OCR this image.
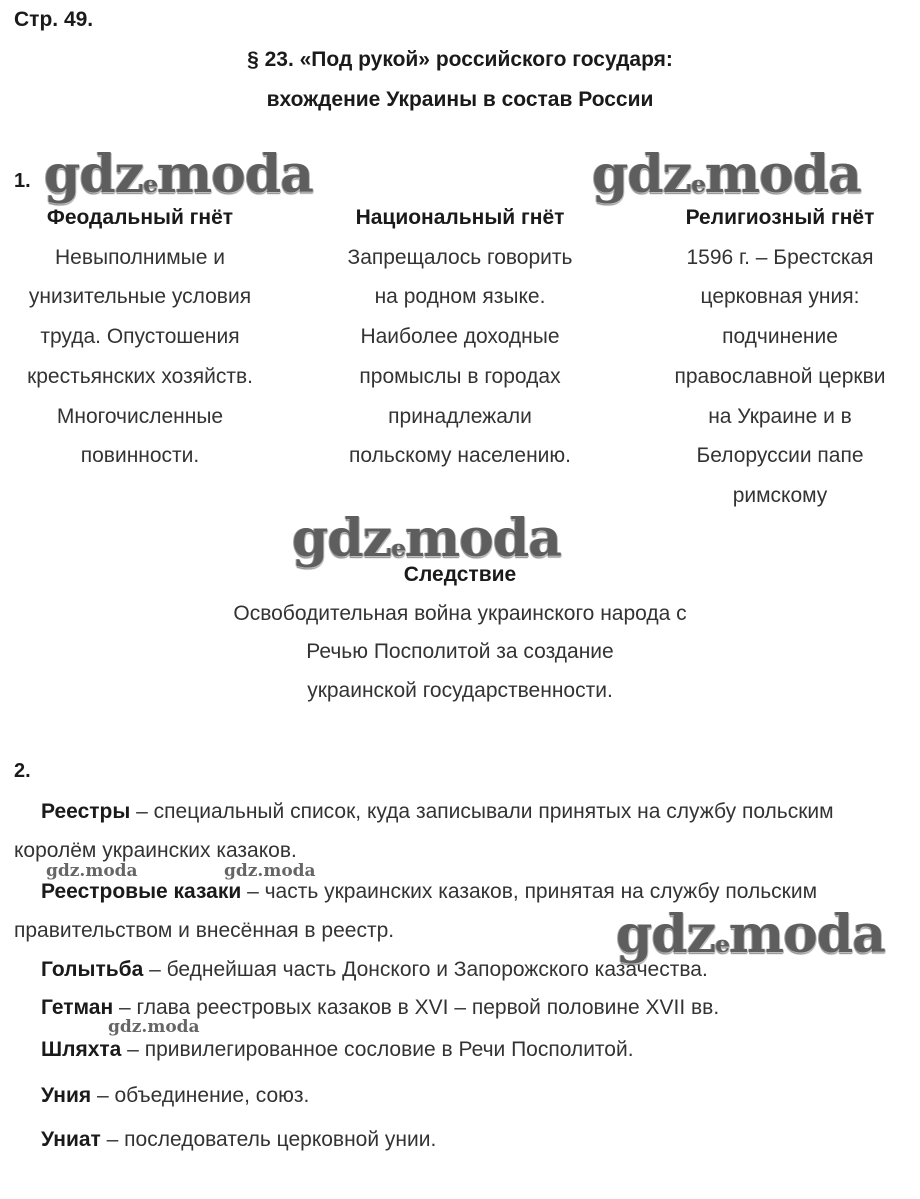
Стр. 49.
§ 23. «Под рукой» российского государя:
вхождение Украины в состав России
1. gdzemoda	gdzemoda
Феодальный гнёт
Невыполнимые и
унизительные условия
труда. Опустошения
крестьянских хозяйств.
Многочисленные
повинности.
Национальный гнёт
Запрещалось говорить
на родном языке.
Наиболее доходные
промыслы в городах
принадлежали
польскому населению.
Религиозный гнёт
1596 г. – Брестская
церковная уния:
подчинение
православной церкви
на Украине и в
Белоруссии папе
римскому
gdzemoda
Следствие
Освободительная война украинского народа с
Речью Посполитой за создание
украинской государственности.
2.
Реестры – специальный список, куда записывали принятых на службу польским
королём украинских казаков.
gdz.moda
Реестровые казаки – часть украинских казаков, принятая на службу польским
правительством и внесённая в реестр.	gdzemoda
Голытьба – беднейшая часть Донского и Запорожского казачества.
gdz.moda
Гетман – глава реестровых казаков в XVI – первой половине XVII вв.
gdz.moda
Шляхта – привилегированное сословие в Речи Посполитой.
Уния – объединение, союз.
Униат – последователь церковной унии.
